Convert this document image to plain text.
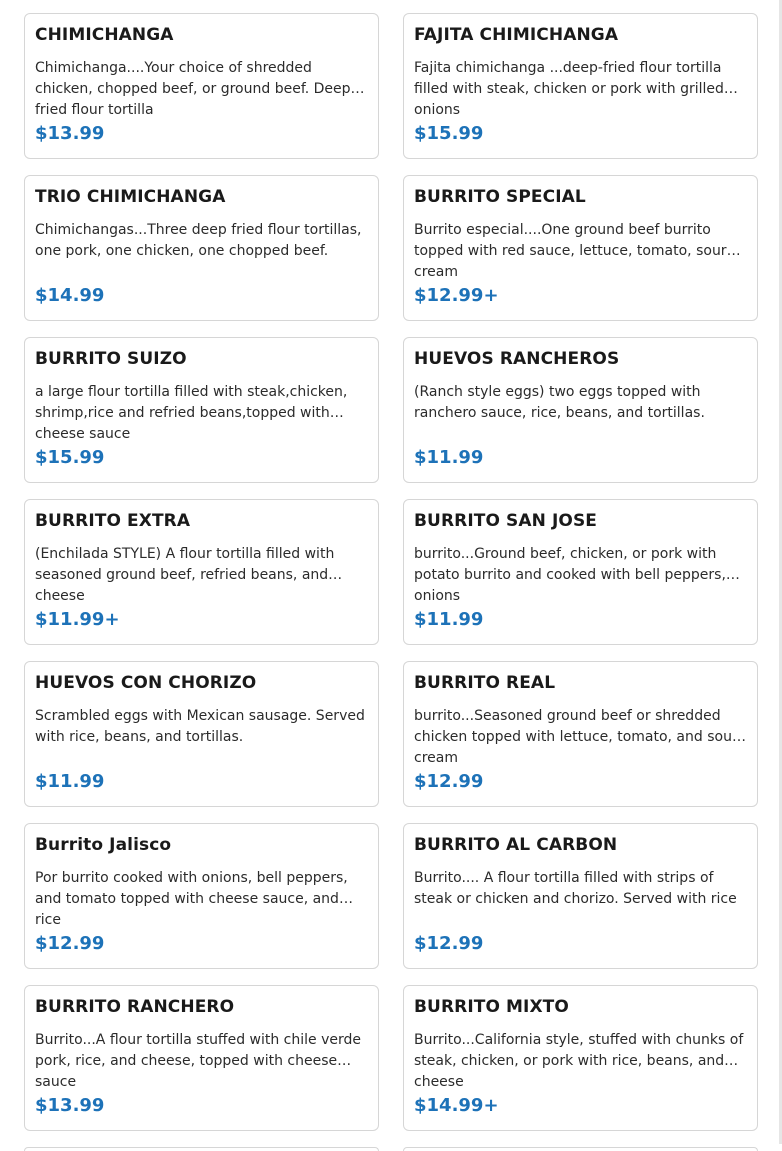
CHIMICHANGA
Chimichanga....Your choice of shredded chicken, chopped beef, or ground beef. Deep-fried flour tortilla
$13.99
FAJITA CHIMICHANGA
Fajita chimichanga ...deep-fried flour tortilla filled with steak, chicken or pork with grilled onions
$15.99
TRIO CHIMICHANGA
Chimichangas...Three deep fried flour tortillas, one pork, one chicken, one chopped beef.
$14.99
BURRITO SPECIAL
Burrito especial....One ground beef burrito topped with red sauce, lettuce, tomato, sour cream
$12.99+
BURRITO SUIZO
a large flour tortilla filled with steak,chicken, shrimp,rice and refried beans,topped with cheese sauce
$15.99
HUEVOS RANCHEROS
(Ranch style eggs) two eggs topped with ranchero sauce, rice, beans, and tortillas.
$11.99
BURRITO EXTRA
(Enchilada STYLE) A flour tortilla filled with seasoned ground beef, refried beans, and cheese
$11.99+
BURRITO SAN JOSE
burrito...Ground beef, chicken, or pork with potato burrito and cooked with bell peppers, onions
$11.99
HUEVOS CON CHORIZO
Scrambled eggs with Mexican sausage. Served with rice, beans, and tortillas.
$11.99
BURRITO REAL
burrito...Seasoned ground beef or shredded chicken topped with lettuce, tomato, and sour cream
$12.99
Burrito Jalisco
Por burrito cooked with onions, bell peppers, and tomato topped with cheese sauce, and rice
$12.99
BURRITO AL CARBON
Burrito.... A flour tortilla filled with strips of steak or chicken and chorizo. Served with rice
$12.99
BURRITO RANCHERO
Burrito...A flour tortilla stuffed with chile verde pork, rice, and cheese, topped with cheese sauce
$13.99
BURRITO MIXTO
Burrito...California style, stuffed with chunks of steak, chicken, or pork with rice, beans, and cheese
$14.99+
